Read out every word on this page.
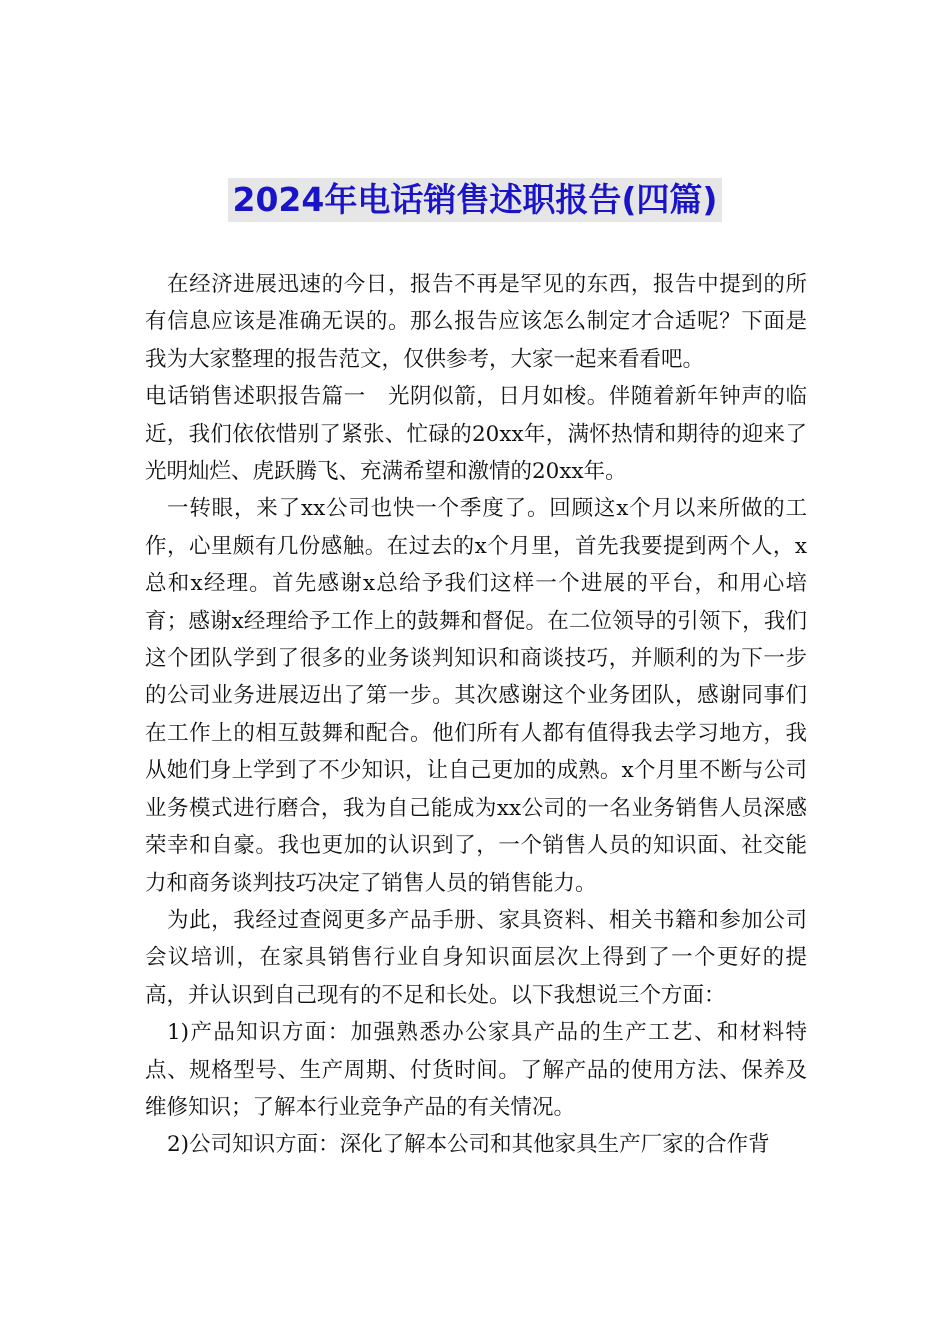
2024年电话销售述职报告(四篇)

在经济进展迅速的今日，报告不再是罕见的东西，报告中提到的所有信息应该是准确无误的。那么报告应该怎么制定才合适呢？下面是我为大家整理的报告范文，仅供参考，大家一起来看看吧。

电话销售述职报告篇一　光阴似箭，日月如梭。伴随着新年钟声的临近，我们依依惜别了紧张、忙碌的20xx年，满怀热情和期待的迎来了光明灿烂、虎跃腾飞、充满希望和激情的20xx年。

一转眼，来了xx公司也快一个季度了。回顾这x个月以来所做的工作，心里颇有几份感触。在过去的x个月里，首先我要提到两个人，x总和x经理。首先感谢x总给予我们这样一个进展的平台，和用心培育；感谢x经理给予工作上的鼓舞和督促。在二位领导的引领下，我们这个团队学到了很多的业务谈判知识和商谈技巧，并顺利的为下一步的公司业务进展迈出了第一步。其次感谢这个业务团队，感谢同事们在工作上的相互鼓舞和配合。他们所有人都有值得我去学习地方，我从她们身上学到了不少知识，让自己更加的成熟。x个月里不断与公司业务模式进行磨合，我为自己能成为xx公司的一名业务销售人员深感荣幸和自豪。我也更加的认识到了，一个销售人员的知识面、社交能力和商务谈判技巧决定了销售人员的销售能力。

为此，我经过查阅更多产品手册、家具资料、相关书籍和参加公司会议培训，在家具销售行业自身知识面层次上得到了一个更好的提高，并认识到自己现有的不足和长处。以下我想说三个方面：

1)产品知识方面：加强熟悉办公家具产品的生产工艺、和材料特点、规格型号、生产周期、付货时间。了解产品的使用方法、保养及维修知识；了解本行业竞争产品的有关情况。

2)公司知识方面：深化了解本公司和其他家具生产厂家的合作背
